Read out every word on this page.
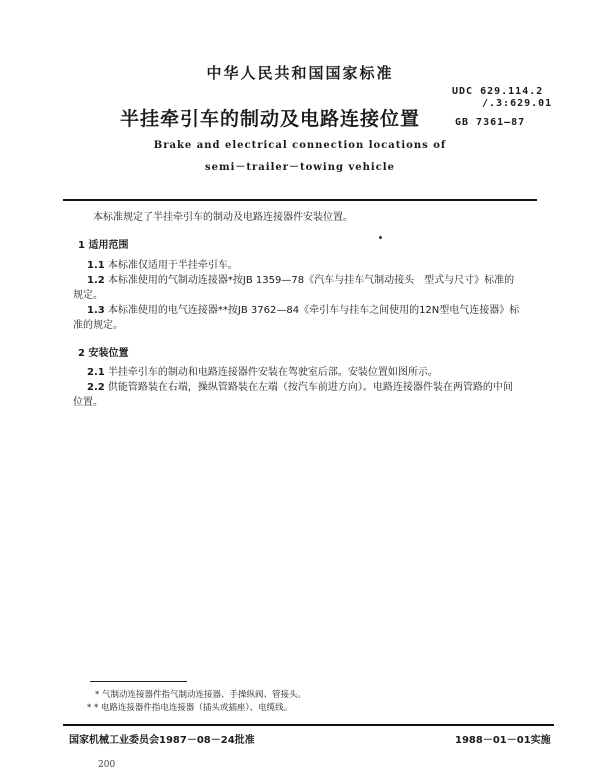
中华人民共和国国家标准
UDC 629.114.2
/.3:629.01
半挂牵引车的制动及电路连接位置	GB 7361—87
Brake and electrical connection locations of
semi－trailer－towing vehicle
本标准规定了半挂牵引车的制动及电路连接器件安装位置。
1 适用范围
1.1 本标准仅适用于半挂牵引车。
1.2 本标准使用的气制动连接器*按JB 1359—78《汽车与挂车气制动接头　型式与尺寸》标准的
规定。
1.3 本标准使用的电气连接器**按JB 3762—84《牵引车与挂车之间使用的12N型电气连接器》标
准的规定。
2 安装位置
2.1 半挂牵引车的制动和电路连接器件安装在驾驶室后部。安装位置如图所示。
2.2 供能管路装在右端，操纵管路装在左端（按汽车前进方向）。电路连接器件装在两管路的中间
位置。
* 气制动连接器件指气制动连接器、手操纵阀、管接头。
* * 电路连接器件指电连接器（插头或插座）、电缆线。
国家机械工业委员会1987－08－24批准	1988－01－01实施
200
